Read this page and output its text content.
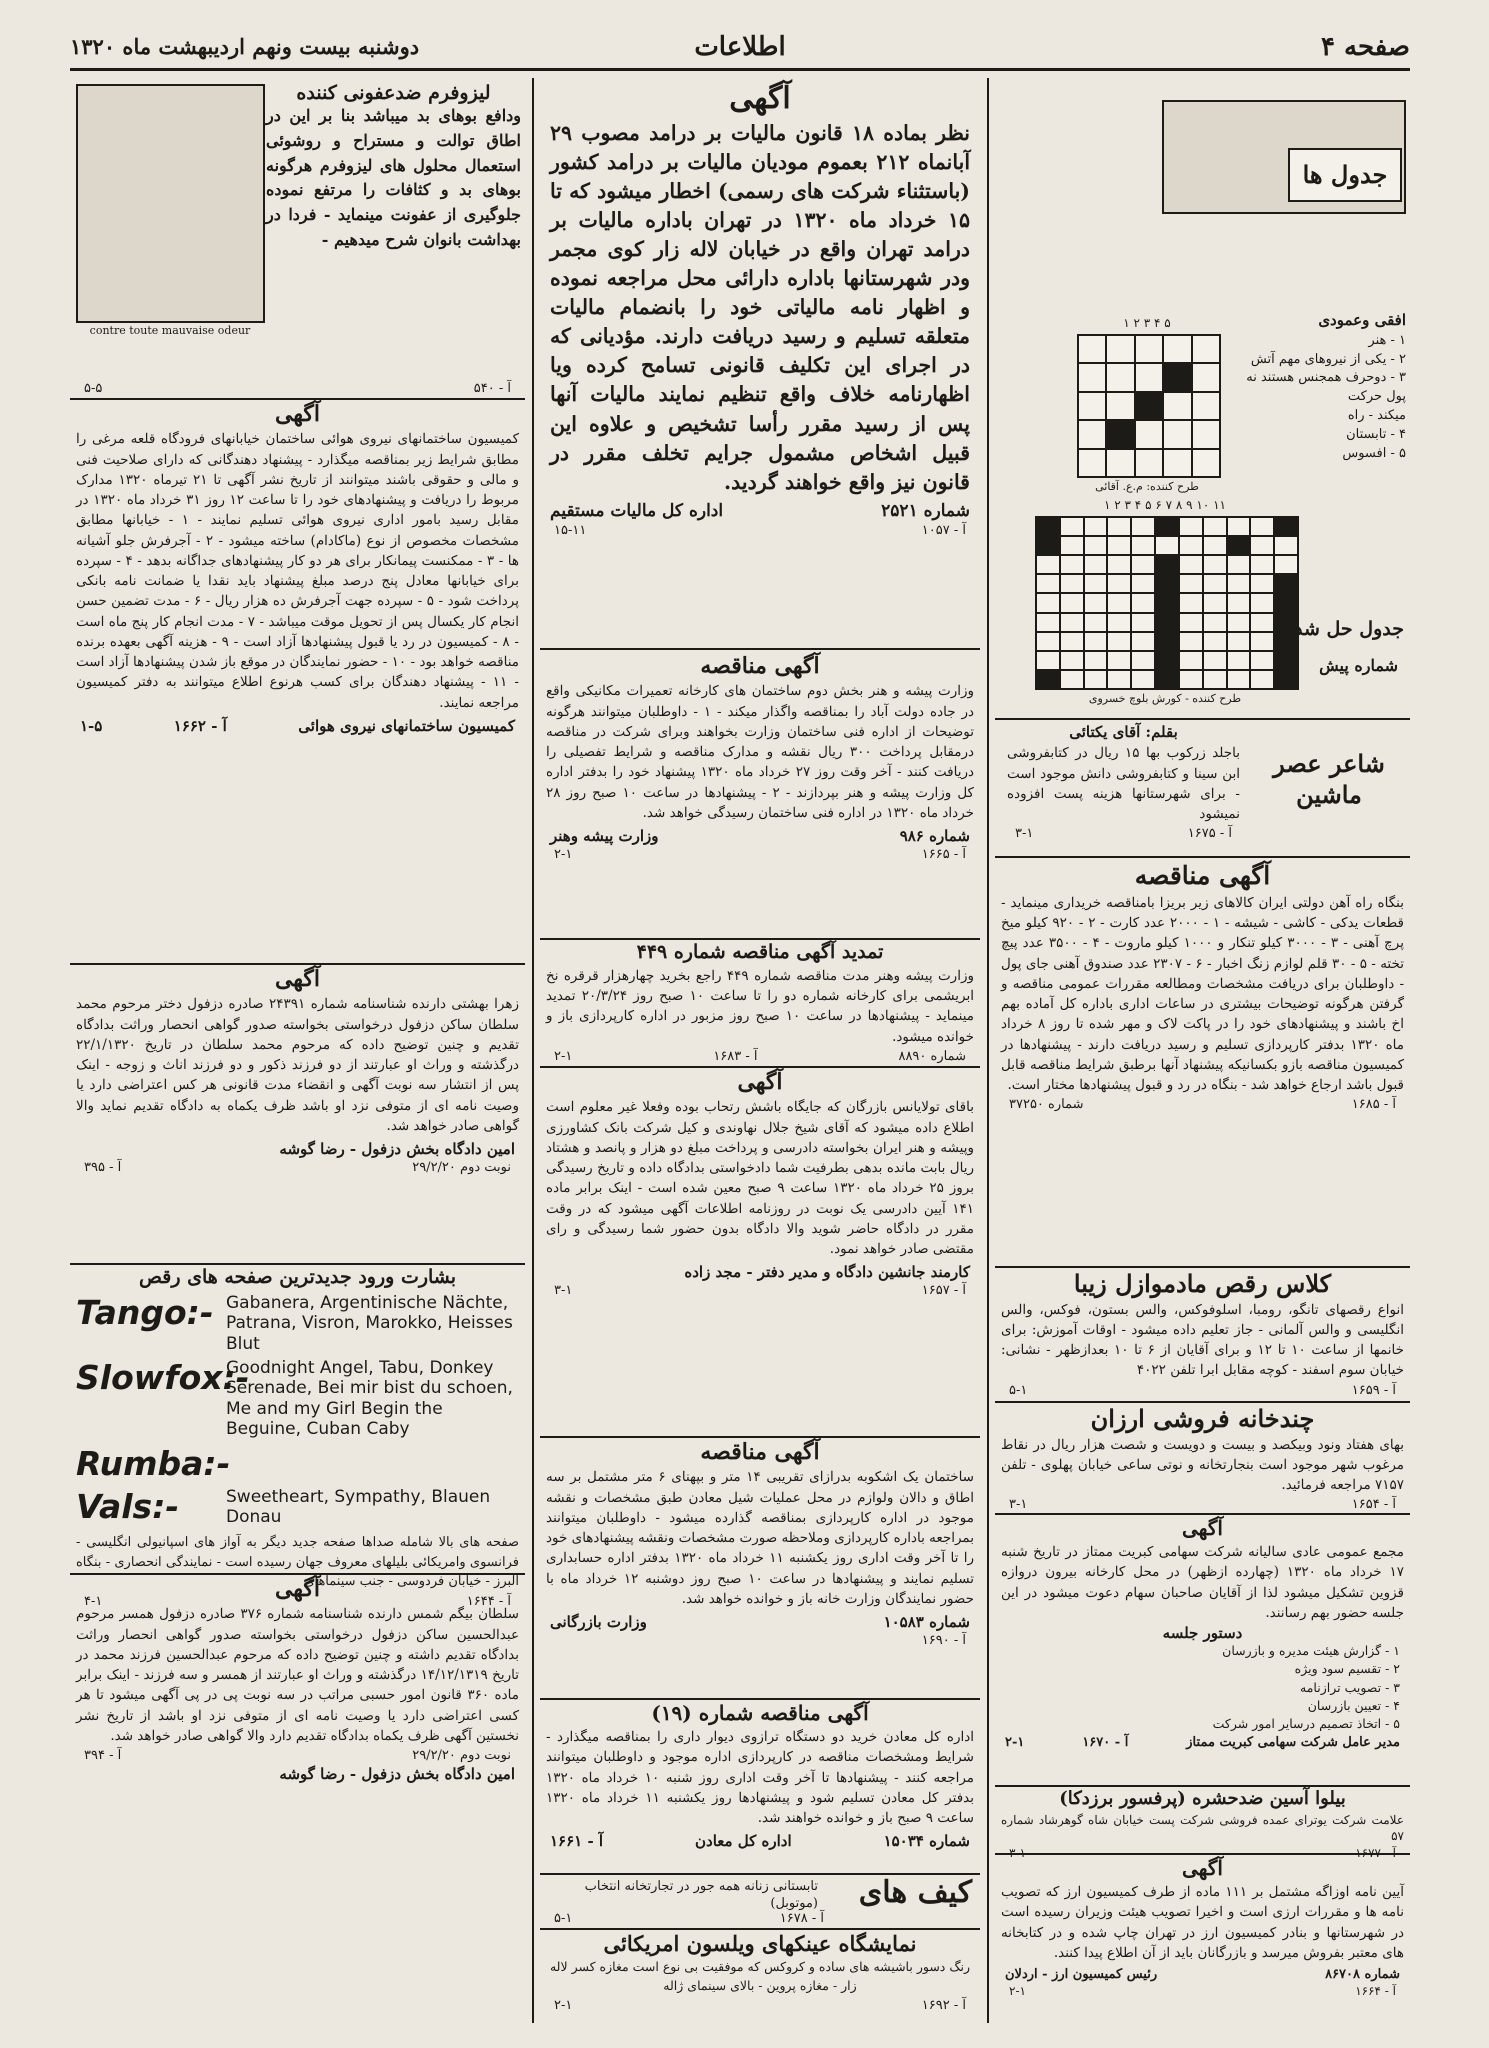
صفحه ۴
اطلاعات
دوشنبه بیست ونهم اردیبهشت ماه ۱۳۲۰
جدول ها
افقی وعمودی
۱ - هنر
۲ - یکی از نیروهای مهم آتش
۳ - دوحرف همجنس هستند نه پول حرکت
میکند - راه
۴ - تابستان
۵ - افسوس
۱ ۲ ۳ ۴ ۵
طرح کننده: م.ع. آقائی
۱ ۲ ۳ ۴ ۵ ۶ ۷ ۸ ۹ ۱۰ ۱۱
طرح کننده - کورش بلوچ خسروی
جدول حل شده
شماره پیش
شاعر عصر ماشین
بقلم: آقای یکتائی
باجلد زرکوب بها ۱۵ ریال در کتابفروشی ابن سینا و کتابفروشی دانش موجود است - برای شهرستانها هزینه پست افزوده نمیشود
آ - ۱۶۷۵
۳-۱
آگهی مناقصه
بنگاه راه آهن دولتی ایران کالاهای زیر بریزا بامناقصه خریداری مینماید - قطعات یدکی - کاشی - شیشه - ۱ - ۲۰۰۰ عدد کارت - ۲ - ۹۲۰ کیلو میخ پرچ آهنی - ۳ - ۳۰۰۰ کیلو تنکار و ۱۰۰۰ کیلو ماروت - ۴ - ۳۵۰۰ عدد پیچ تخته - ۵ - ۳۰ قلم لوازم زنگ اخبار - ۶ - ۲۳۰۷ عدد صندوق آهنی جای پول - داوطلبان برای دریافت مشخصات ومطالعه مقررات عمومی مناقصه و گرفتن هرگونه توضیحات بیشتری در ساعات اداری باداره کل آماده بهم اخ باشند و پیشنهادهای خود را در پاکت لاک و مهر شده تا روز ۸ خرداد ماه ۱۳۲۰ بدفتر کارپردازی تسلیم و رسید دریافت دارند - پیشنهادها در کمیسیون مناقصه بازو بکسانیکه پیشنهاد آنها برطبق شرایط مناقصه قابل قبول باشد ارجاع خواهد شد - بنگاه در رد و قبول پیشنهادها مختار است.
آ - ۱۶۸۵
شماره ۳۷۲۵۰
کلاس رقص مادموازل زیبا
انواع رقصهای تانگو، رومبا، اسلوفوکس، والس بستون، فوکس، والس انگلیسی و والس آلمانی - جاز تعلیم داده میشود - اوقات آموزش: برای خانمها از ساعت ۱۰ تا ۱۲ و برای آقایان از ۶ تا ۱۰ بعدازظهر - نشانی: خیابان سوم اسفند - کوچه مقابل ابرا تلفن ۴۰۲۲
آ - ۱۶۵۹
۵-۱
چندخانه فروشی ارزان
بهای هفتاد ونود وبیکصد و بیست و دویست و شصت هزار ریال در نقاط مرغوب شهر موجود است بنجارتخانه و نوتی ساعی خیابان پهلوی - تلفن ۷۱۵۷ مراجعه فرمائید.
آ - ۱۶۵۴
۳-۱
آگهی
مجمع عمومی عادی سالیانه شرکت سهامی کبریت ممتاز در تاریخ شنبه ۱۷ خرداد ماه ۱۳۲۰ (چهارده ازظهر) در محل کارخانه بیرون دروازه قزوین تشکیل میشود لذا از آقایان صاحبان سهام دعوت میشود در این جلسه حضور بهم رسانند.
دستور جلسه
۱ - گزارش هیئت مدیره و بازرسان
۲ - تقسیم سود ویژه
۳ - تصویب ترازنامه
۴ - تعیین بازرسان
۵ - اتخاذ تصمیم درسایر امور شرکت
مدیر عامل شرکت سهامی کبریت ممتاز
آ - ۱۶۷۰
۲-۱
بیلوا آسین ضدحشره (پرفسور برزدکا)
علامت شرکت یوترای عمده فروشی شرکت پست خیابان شاه گوهرشاد شماره ۵۷
آ - ۱۶۷۷
۳-۱
آگهی
آیین نامه اوزاگه مشتمل بر ۱۱۱ ماده از طرف کمیسیون ارز که تصویب نامه ها و مقررات ارزی است و اخیرا تصویب هیئت وزیران رسیده است در شهرستانها و بنادر کمیسیون ارز در تهران چاپ شده و در کتابخانه های معتبر بفروش میرسد و بازرگانان باید از آن اطلاع پیدا کنند.
شماره ۸۶۷۰۸
رئیس کمیسیون ارز - اردلان
آ - ۱۶۶۴
۲-۱
آگهی
نظر بماده ۱۸ قانون مالیات بر درامد مصوب ۲۹ آبانماه ۲۱۲ بعموم مودیان مالیات بر درامد کشور (باستثناء شرکت های رسمی) اخطار میشود که تا ۱۵ خرداد ماه ۱۳۲۰ در تهران باداره مالیات بر درامد تهران واقع در خیابان لاله زار کوی مجمر ودر شهرستانها باداره دارائی محل مراجعه نموده و اظهار نامه مالیاتی خود را بانضمام مالیات متعلقه تسلیم و رسید دریافت دارند. مؤدیانی که در اجرای این تکلیف قانونی تسامح کرده ویا اظهارنامه خلاف واقع تنظیم نمایند مالیات آنها پس از رسید مقرر رأسا تشخیص و علاوه این قبیل اشخاص مشمول جرایم تخلف مقرر در قانون نیز واقع خواهند گردید.
شماره ۲۵۲۱
اداره کل مالیات مستقیم
آ - ۱۰۵۷
۱۵-۱۱
آگهی مناقصه
وزارت پیشه و هنر بخش دوم ساختمان های کارخانه تعمیرات مکانیکی واقع در جاده دولت آباد را بمناقصه واگذار میکند - ۱ - داوطلبان میتوانند هرگونه توضیحات از اداره فنی ساختمان وزارت بخواهند وبرای شرکت در مناقصه درمقابل پرداخت ۳۰۰ ریال نقشه و مدارک مناقصه و شرایط تفصیلی را دریافت کنند - آخر وقت روز ۲۷ خرداد ماه ۱۳۲۰ پیشنهاد خود را بدفتر اداره کل وزارت پیشه و هنر بپردازند - ۲ - پیشنهادها در ساعت ۱۰ صبح روز ۲۸ خرداد ماه ۱۳۲۰ در اداره فنی ساختمان رسیدگی خواهد شد.
شماره ۹۸۶
وزارت پیشه وهنر
آ - ۱۶۶۵
۲-۱
تمدید آگهی مناقصه شماره ۴۴۹
وزارت پیشه وهنر مدت مناقصه شماره ۴۴۹ راجع بخرید چهارهزار قرقره نخ ابریشمی برای کارخانه شماره دو را تا ساعت ۱۰ صبح روز ۲۰/۳/۲۴ تمدید مینماید - پیشنهادها در ساعت ۱۰ صبح روز مزبور در اداره کارپردازی باز و خوانده میشود.
شماره ۸۸۹۰
آ - ۱۶۸۳
۲-۱
آگهی
باقای تولایانس بازرگان که جایگاه باشش رتحاب بوده وفعلا غیر معلوم است اطلاع داده میشود که آقای شیخ جلال نهاوندی و کیل شرکت بانک کشاورزی وپیشه و هنر ایران بخواسته دادرسی و پرداخت مبلغ دو هزار و پانصد و هشتاد ریال بابت مانده بدهی بطرفیت شما دادخواستی بدادگاه داده و تاریخ رسیدگی بروز ۲۵ خرداد ماه ۱۳۲۰ ساعت ۹ صبح معین شده است - اینک برابر ماده ۱۴۱ آیین دادرسی یک نوبت در روزنامه اطلاعات آگهی میشود که در وقت مقرر در دادگاه حاضر شوید والا دادگاه بدون حضور شما رسیدگی و رای مقتضی صادر خواهد نمود.
کارمند جانشین دادگاه و مدیر دفتر - مجد زاده
آ - ۱۶۵۷
۳-۱
آگهی مناقصه
ساختمان یک اشکوبه بدرازای تقریبی ۱۴ متر و بپهنای ۶ متر مشتمل بر سه اطاق و دالان ولوازم در محل عملیات شیل معادن طبق مشخصات و نقشه موجود در اداره کارپردازی بمناقصه گذارده میشود - داوطلبان میتوانند بمراجعه باداره کارپردازی وملاحظه صورت مشخصات ونقشه پیشنهادهای خود را تا آخر وقت اداری روز یکشنبه ۱۱ خرداد ماه ۱۳۲۰ بدفتر اداره حسابداری تسلیم نمایند و پیشنهادها در ساعت ۱۰ صبح روز دوشنبه ۱۲ خرداد ماه با حضور نمایندگان وزارت خانه باز و خوانده خواهد شد.
شماره ۱۰۵۸۳
وزارت بازرگانی
آ - ۱۶۹۰
آگهی مناقصه شماره (۱۹)
اداره کل معادن خرید دو دستگاه ترازوی دیوار داری را بمناقصه میگذارد - شرایط ومشخصات مناقصه در کارپردازی اداره موجود و داوطلبان میتوانند مراجعه کنند - پیشنهادها تا آخر وقت اداری روز شنبه ۱۰ خرداد ماه ۱۳۲۰ بدفتر کل معادن تسلیم شود و پیشنهادها روز یکشنبه ۱۱ خرداد ماه ۱۳۲۰ ساعت ۹ صبح باز و خوانده خواهند شد.
شماره ۱۵۰۳۴
اداره کل معادن
آ - ۱۶۶۱
کیف های
تابستانی زنانه همه جور در تجارتخانه انتخاب (موتوبل)
آ - ۱۶۷۸
۵-۱
نمایشگاه عینکهای ویلسون امریکائی
رنگ دسور باشیشه های ساده و کروکس که موفقیت بی نوع است مغازه کسر لاله زار - مغازه پروین - بالای سینمای ژاله
آ - ۱۶۹۲
۲-۱
contre toute mauvaise odeur
لیزوفرم ضدعفونی کننده
ودافع بوهای بد میباشد بنا بر این در اطاق توالت و مستراح و روشوئی استعمال محلول های لیزوفرم هرگونه بوهای بد و کثافات را مرتفع نموده جلوگیری از عفونت مینماید - فردا در بهداشت بانوان شرح میدهیم -
آ - ۵۴۰
۵-۵
آگهی
کمیسیون ساختمانهای نیروی هوائی ساختمان خیابانهای فرودگاه قلعه مرغی را مطابق شرایط زیر بمناقصه میگذارد - پیشنهاد دهندگانی که دارای صلاحیت فنی و مالی و حقوقی باشند میتوانند از تاریخ نشر آگهی تا ۲۱ تیرماه ۱۳۲۰ مدارک مربوط را دریافت و پیشنهادهای خود را تا ساعت ۱۲ روز ۳۱ خرداد ماه ۱۳۲۰ در مقابل رسید بامور اداری نیروی هوائی تسلیم نمایند - ۱ - خیابانها مطابق مشخصات مخصوص از نوع (ماکادام) ساخته میشود - ۲ - آجرفرش جلو آشیانه ها - ۳ - ممکنست پیمانکار برای هر دو کار پیشنهادهای جداگانه بدهد - ۴ - سپرده برای خیابانها معادل پنج درصد مبلغ پیشنهاد باید نقدا یا ضمانت نامه بانکی پرداخت شود - ۵ - سپرده جهت آجرفرش ده هزار ریال - ۶ - مدت تضمین حسن انجام کار یکسال پس از تحویل موقت میباشد - ۷ - مدت انجام کار پنج ماه است - ۸ - کمیسیون در رد یا قبول پیشنهادها آزاد است - ۹ - هزینه آگهی بعهده برنده مناقصه خواهد بود - ۱۰ - حضور نمایندگان در موقع باز شدن پیشنهادها آزاد است - ۱۱ - پیشنهاد دهندگان برای کسب هرنوع اطلاع میتوانند به دفتر کمیسیون مراجعه نمایند.
کمیسیون ساختمانهای نیروی هوائی
آ - ۱۶۶۲
۱-۵
آگهی
زهرا بهشتی دارنده شناسنامه شماره ۲۴۳۹۱ صادره دزفول دختر مرحوم محمد سلطان ساکن دزفول درخواستی بخواسته صدور گواهی انحصار وراثت بدادگاه تقدیم و چنین توضیح داده که مرحوم محمد سلطان در تاریخ ۲۲/۱/۱۳۲۰ درگذشته و وراث او عبارتند از دو فرزند ذکور و دو فرزند اناث و زوجه - اینک پس از انتشار سه نوبت آگهی و انقضاء مدت قانونی هر کس اعتراضی دارد یا وصیت نامه ای از متوفی نزد او باشد ظرف یکماه به دادگاه تقدیم نماید والا گواهی صادر خواهد شد.
امین دادگاه بخش دزفول - رضا گوشه
نوبت دوم ۲۹/۲/۲۰
آ - ۳۹۵
بشارت ورود جدیدترین صفحه های رقص
Tango:- Gabanera, Argentinische Nächte, Patrana, Visron, Marokko, Heisses Blut
Slowfox:-
Goodnight Angel, Tabu, Donkey Serenade, Bei mir bist du schoen, Me and my Girl Begin the Beguine, Cuban Caby
Rumba:-
Vals:-	Sweetheart, Sympathy, Blauen Donau
صفحه های بالا شامله صداها صفحه جدید دیگر به آواز های اسپانیولی انگلیسی - فرانسوی وامریکائی بلیلهای معروف جهان رسیده است - نمایندگی انحصاری - بنگاه البرز - خیابان فردوسی - جنب سینماهای
آ - ۱۶۴۴
۴-۱	آگهی
سلطان بیگم شمس دارنده شناسنامه شماره ۳۷۶ صادره دزفول همسر مرحوم عبدالحسین ساکن دزفول درخواستی بخواسته صدور گواهی انحصار وراثت بدادگاه تقدیم داشته و چنین توضیح داده که مرحوم عبدالحسین فرزند محمد در تاریخ ۱۴/۱۲/۱۳۱۹ درگذشته و وراث او عبارتند از همسر و سه فرزند - اینک برابر ماده ۳۶۰ قانون امور حسبی مراتب در سه نوبت پی در پی آگهی میشود تا هر کسی اعتراضی دارد یا وصیت نامه ای از متوفی نزد او باشد از تاریخ نشر نخستین آگهی ظرف یکماه بدادگاه تقدیم دارد والا گواهی صادر خواهد شد.
نوبت دوم ۲۹/۲/۲۰
آ - ۳۹۴
امین دادگاه بخش دزفول - رضا گوشه
